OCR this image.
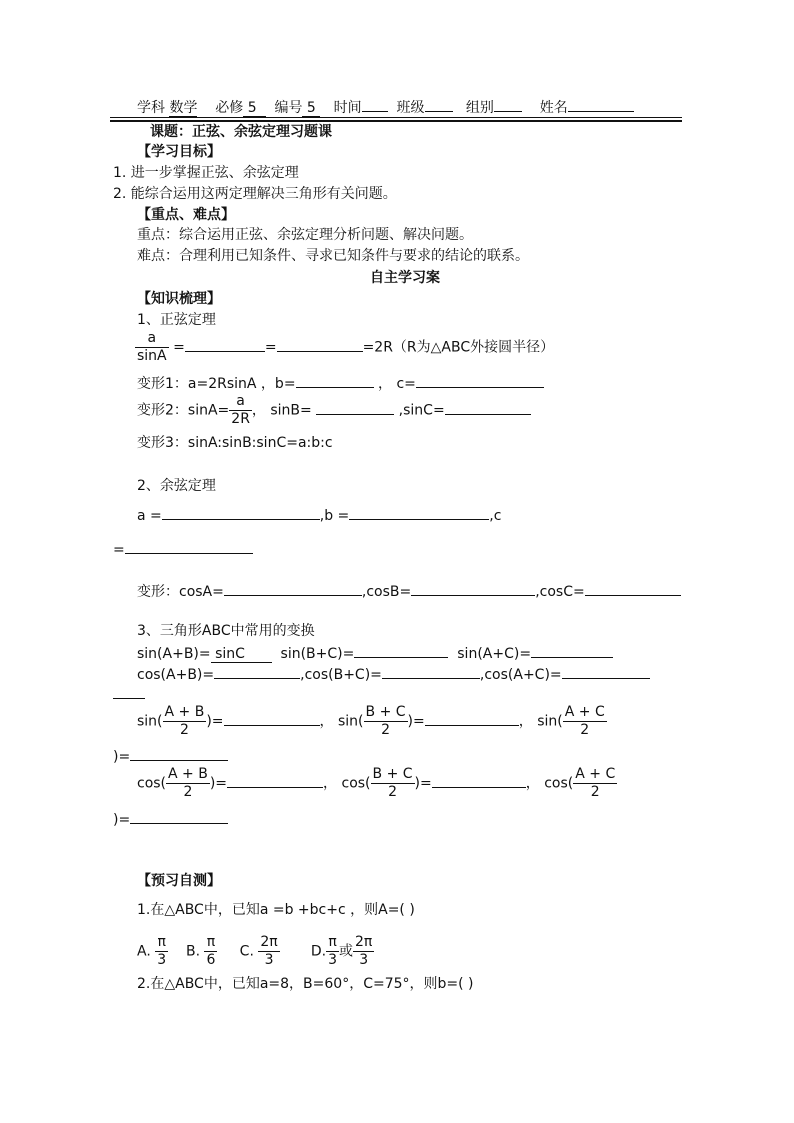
学科 数学 必修 5 编号 5 时间 班级	组别	姓名
课题：正弦、余弦定理习题课
【学习目标】
1. 进一步掌握正弦、余弦定理
2. 能综合运用这两定理解决三角形有关问题。
【重点、难点】
重点：综合运用正弦、余弦定理分析问题、解决问题。
难点：合理利用已知条件、寻求已知条件与要求的结论的联系。
自主学习案
【知识梳理】
1、正弦定理
$\frac{a}{\sin A}$ =	=	=2R（R为△ABC外接圆半径）
变形1：a=2RsinA ，b=	， c=
变形2：$\sin A= \frac{a}{2R}$ ， sinB=	,sinC=
变形3：sinA:sinB:sinC=a:b:c
2、余弦定理
a =	,b =	,c
=
变形：cosA=	,cosB=	,cosC=
3、三角形ABC中常用的变换
sin(A+B)= sinC	sin(B+C)=	sin(A+C)=
cos(A+B)=	,cos(B+C)=	,cos(A+C)=
$\sin( \frac{A + B}{2}$ )=	， $\sin( \frac{B + C}{2}$ )=	， $\sin( \frac{A + C}{2}$
)=
$\cos( \frac{A + B}{2}$ )=	， $\cos( \frac{B + C}{2}$ )=	， $\cos( \frac{A + C}{2}$
)=
【预习自测】
1.在△ABC中，已知a =b +bc+c ，则A=( )
A. $\frac{\pi}{3} B$. $\frac{\pi}{6} C$. $\frac{2\pi}{3} D$. $\frac{\pi}{3}$ 或 $\frac{2\pi}{3}$
2.在△ABC中，已知a=8，B=60°，C=75°，则b=( )
